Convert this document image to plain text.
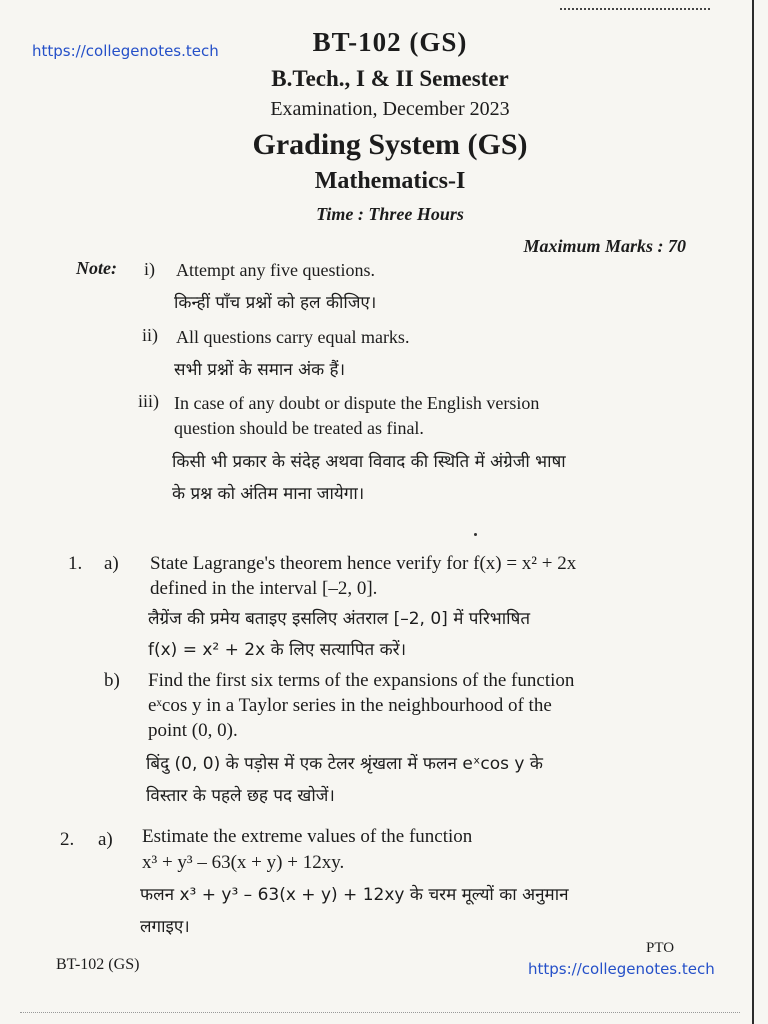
https://collegenotes.tech	BT-102 (GS)
B.Tech., I & II Semester
Examination, December 2023
Grading System (GS)
Mathematics-I
Time : Three Hours
Maximum Marks : 70
Note: i) Attempt any five questions.
किन्हीं पाँच प्रश्नों को हल कीजिए।
ii) All questions carry equal marks.
सभी प्रश्नों के समान अंक हैं।
iii) In case of any doubt or dispute the English version
question should be treated as final.
किसी भी प्रकार के संदेह अथवा विवाद की स्थिति में अंग्रेजी भाषा
के प्रश्न को अंतिम माना जायेगा।
1. a) State Lagrange's theorem hence verify for f(x) = x² + 2x
defined in the interval [–2, 0].
लैग्रेंज की प्रमेय बताइए इसलिए अंतराल [–2, 0] में परिभाषित
f(x) = x² + 2x के लिए सत्यापित करें।
b) Find the first six terms of the expansions of the function
eˣcos y in a Taylor series in the neighbourhood of the
point (0, 0).
बिंदु (0, 0) के पड़ोस में एक टेलर श्रृंखला में फलन eˣcos y के
विस्तार के पहले छह पद खोजें।
2. a) Estimate the extreme values of the function
x³ + y³ – 63(x + y) + 12xy.
फलन x³ + y³ – 63(x + y) + 12xy के चरम मूल्यों का अनुमान
लगाइए।
PTO
BT-102 (GS)	https://collegenotes.tech
